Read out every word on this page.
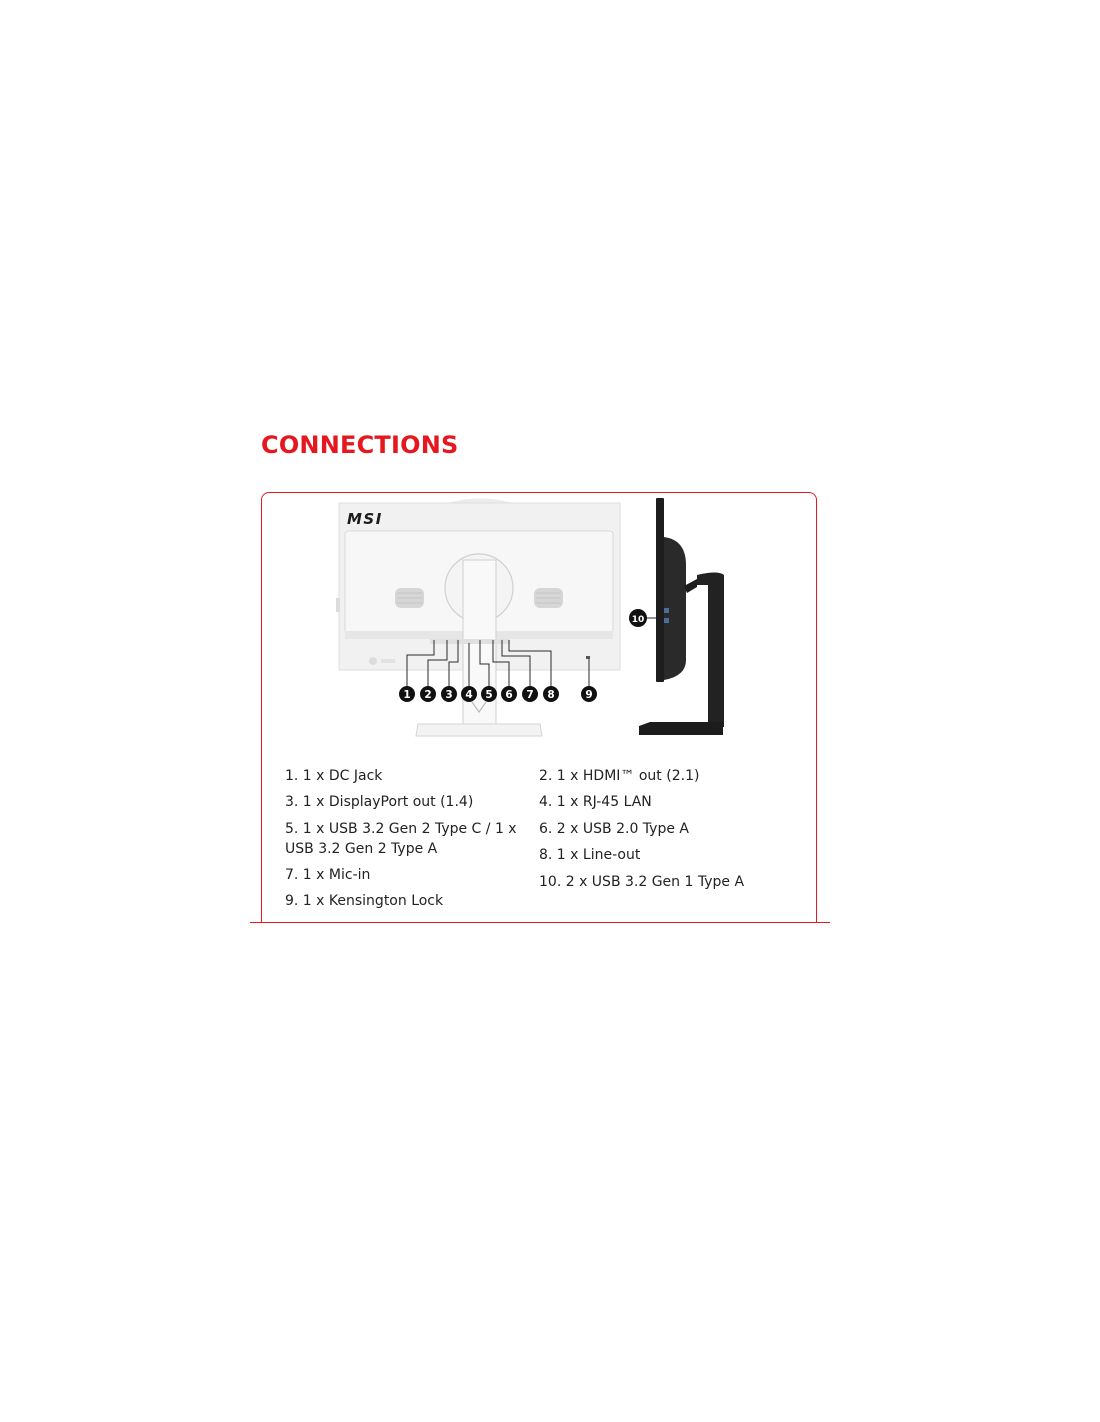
CONNECTIONS
MSI
1 2 3 4 5 6 7 8	9
10
1. 1 x DC Jack	2. 1 x HDMI™ out (2.1)
3. 1 x DisplayPort out (1.4)	4. 1 x RJ-45 LAN
5. 1 x USB 3.2 Gen 2 Type C / 1 x USB 3.2 Gen 2 Type A
6. 2 x USB 2.0 Type A
7. 1 x Mic-in
8. 1 x Line-out
9. 1 x Kensington Lock
10. 2 x USB 3.2 Gen 1 Type A
